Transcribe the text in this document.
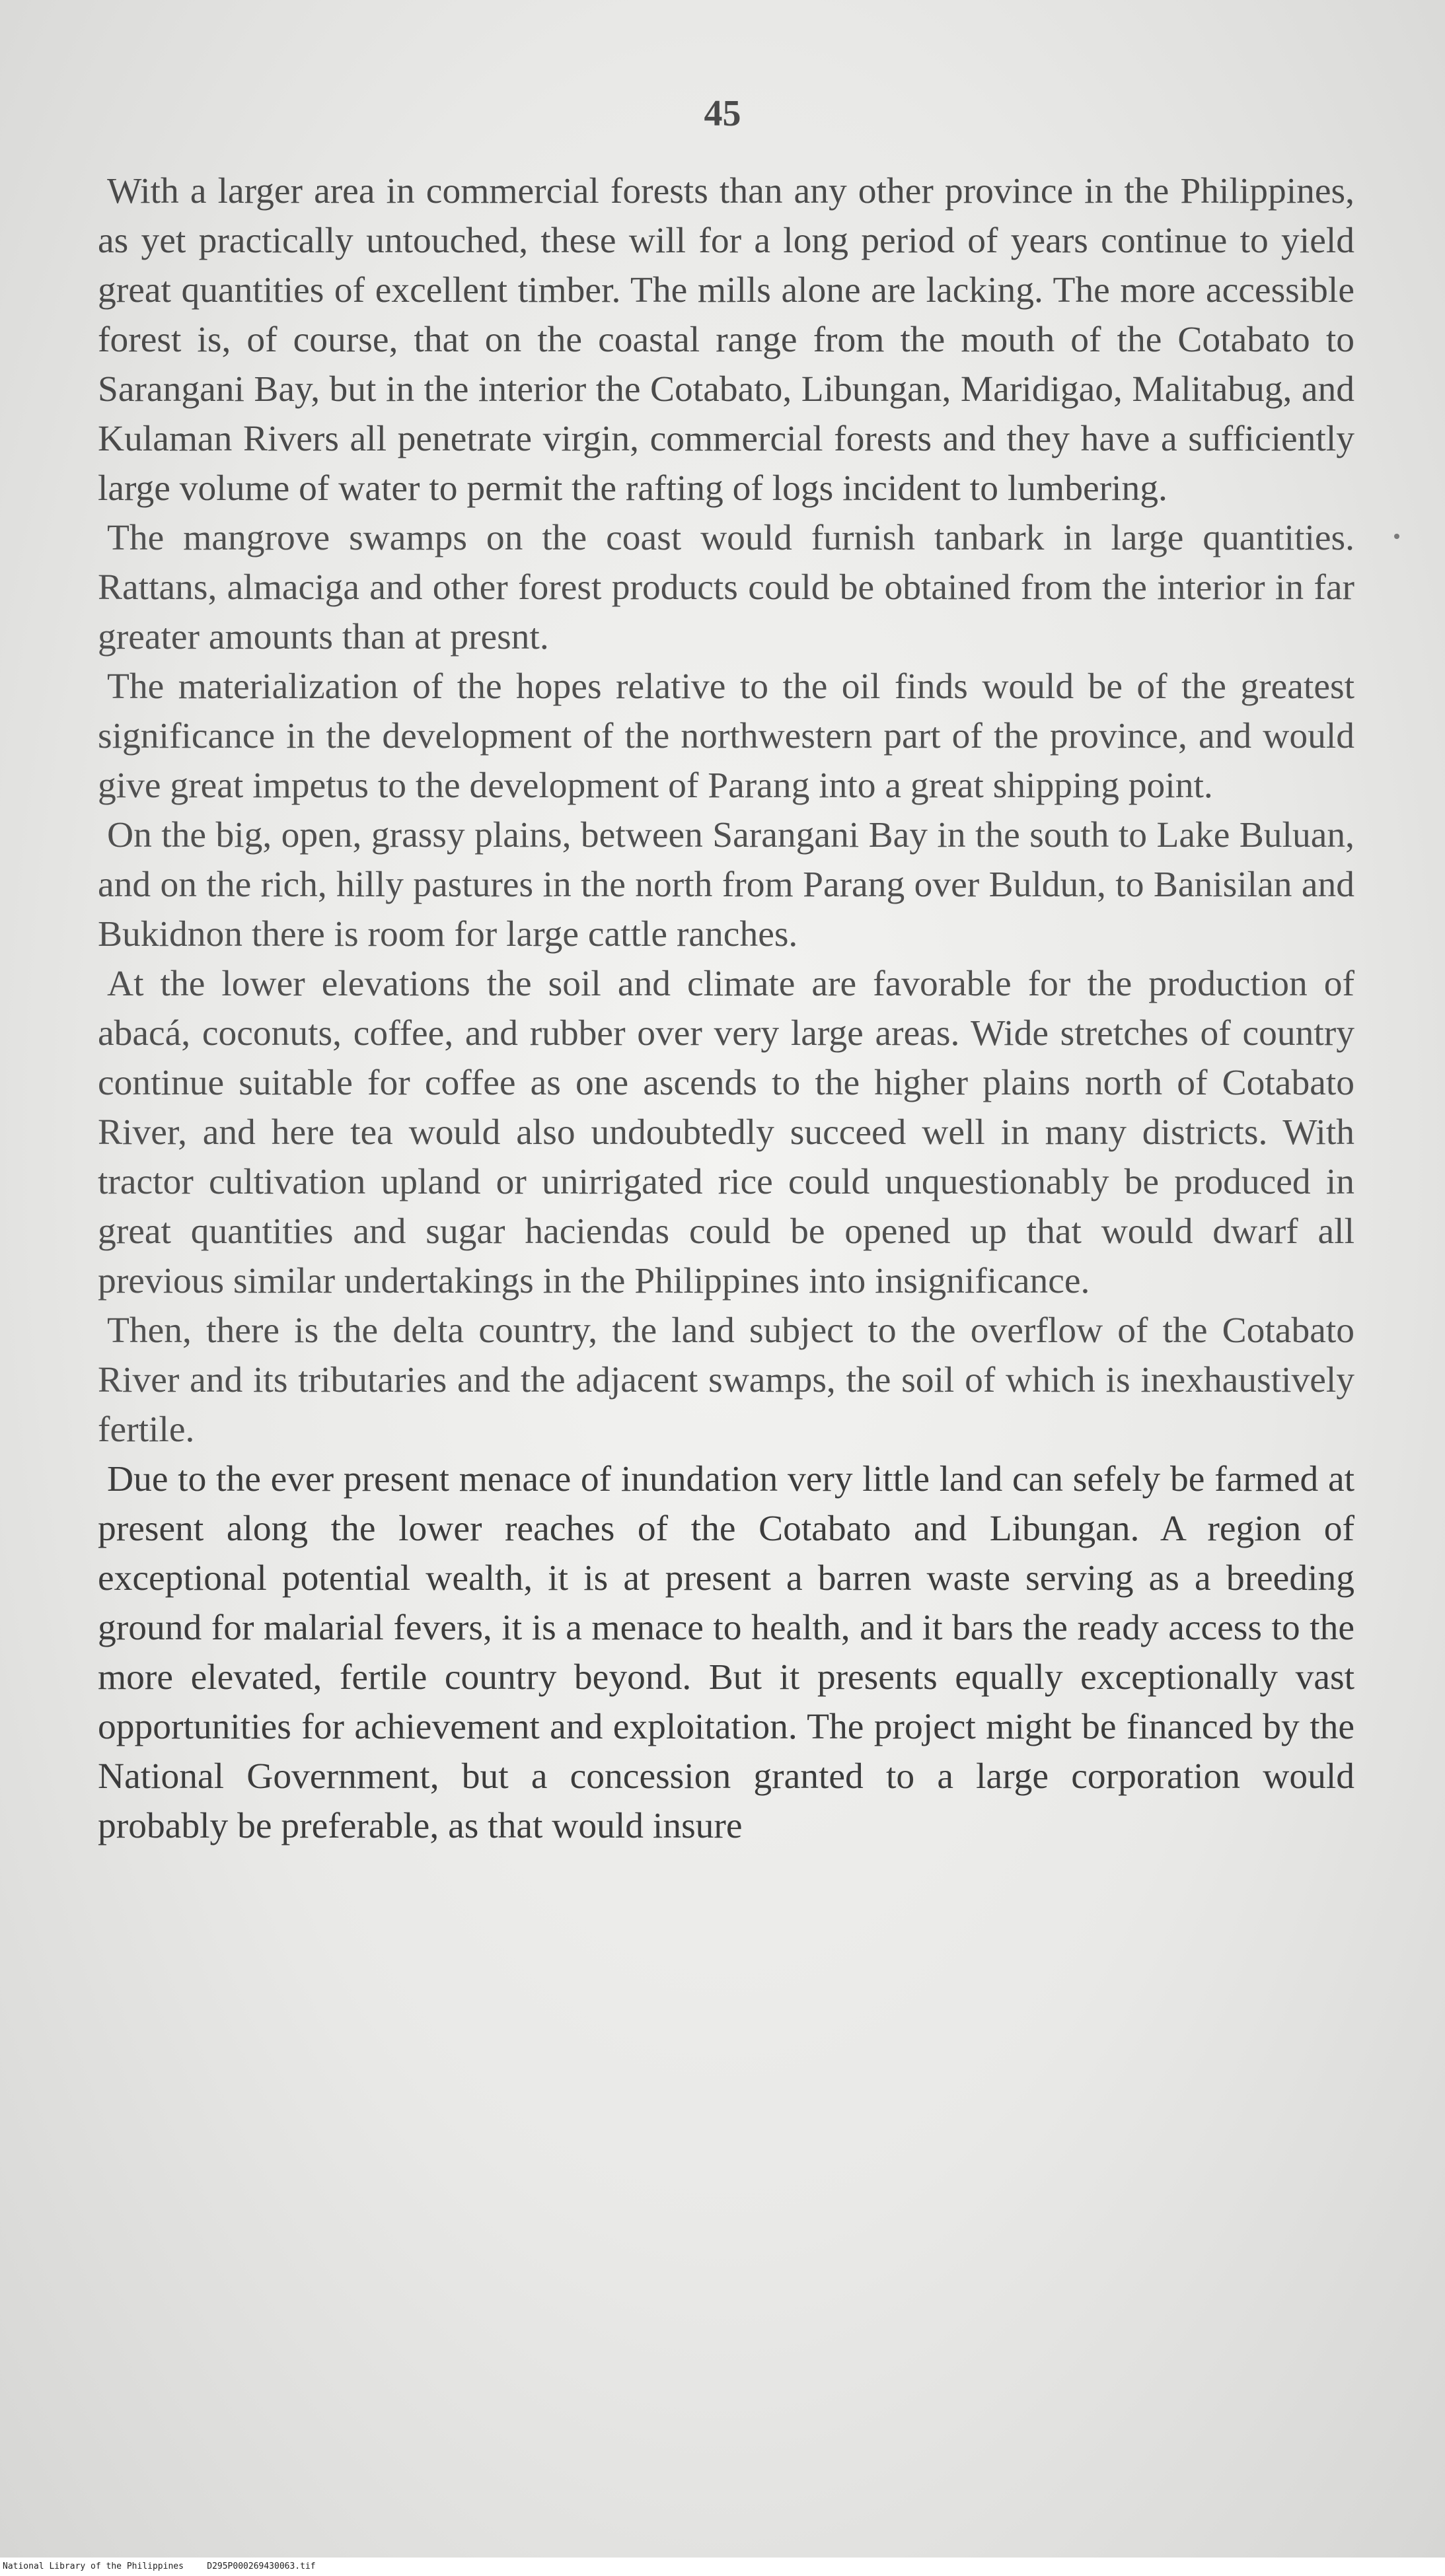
45

With a larger area in commercial forests than any other province in the Philippines, as yet practically untouched, these will for a long period of years continue to yield great quantities of excellent timber. The mills alone are lacking. The more accessible forest is, of course, that on the coastal range from the mouth of the Cotabato to Sarangani Bay, but in the interior the Cotabato, Libungan, Maridigao, Malitabug, and Kulaman Rivers all penetrate virgin, commercial forests and they have a sufficiently large volume of water to permit the rafting of logs incident to lumbering.

The mangrove swamps on the coast would furnish tanbark in large quantities. Rattans, almaciga and other forest products could be obtained from the interior in far greater amounts than at presnt.

The materialization of the hopes relative to the oil finds would be of the greatest significance in the development of the northwestern part of the province, and would give great impetus to the development of Parang into a great shipping point.

On the big, open, grassy plains, between Sarangani Bay in the south to Lake Buluan, and on the rich, hilly pastures in the north from Parang over Buldun, to Banisilan and Bukidnon there is room for large cattle ranches.

At the lower elevations the soil and climate are favorable for the production of abacá, coconuts, coffee, and rubber over very large areas. Wide stretches of country continue suitable for coffee as one ascends to the higher plains north of Cotabato River, and here tea would also undoubtedly succeed well in many districts. With tractor cultivation upland or unirrigated rice could unquestionably be produced in great quantities and sugar haciendas could be opened up that would dwarf all previous similar undertakings in the Philippines into insignificance.

Then, there is the delta country, the land subject to the overflow of the Cotabato River and its tributaries and the adjacent swamps, the soil of which is inexhaustively fertile.

Due to the ever present menace of inundation very little land can sefely be farmed at present along the lower reaches of the Cotabato and Libungan. A region of exceptional potential wealth, it is at present a barren waste serving as a breeding ground for malarial fevers, it is a menace to health, and it bars the ready access to the more elevated, fertile country beyond. But it presents equally exceptionally vast opportunities for achievement and exploitation. The project might be financed by the National Government, but a concession granted to a large corporation would probably be preferable, as that would insure

National Library of the Philippines	D295P00026943006З.tif
